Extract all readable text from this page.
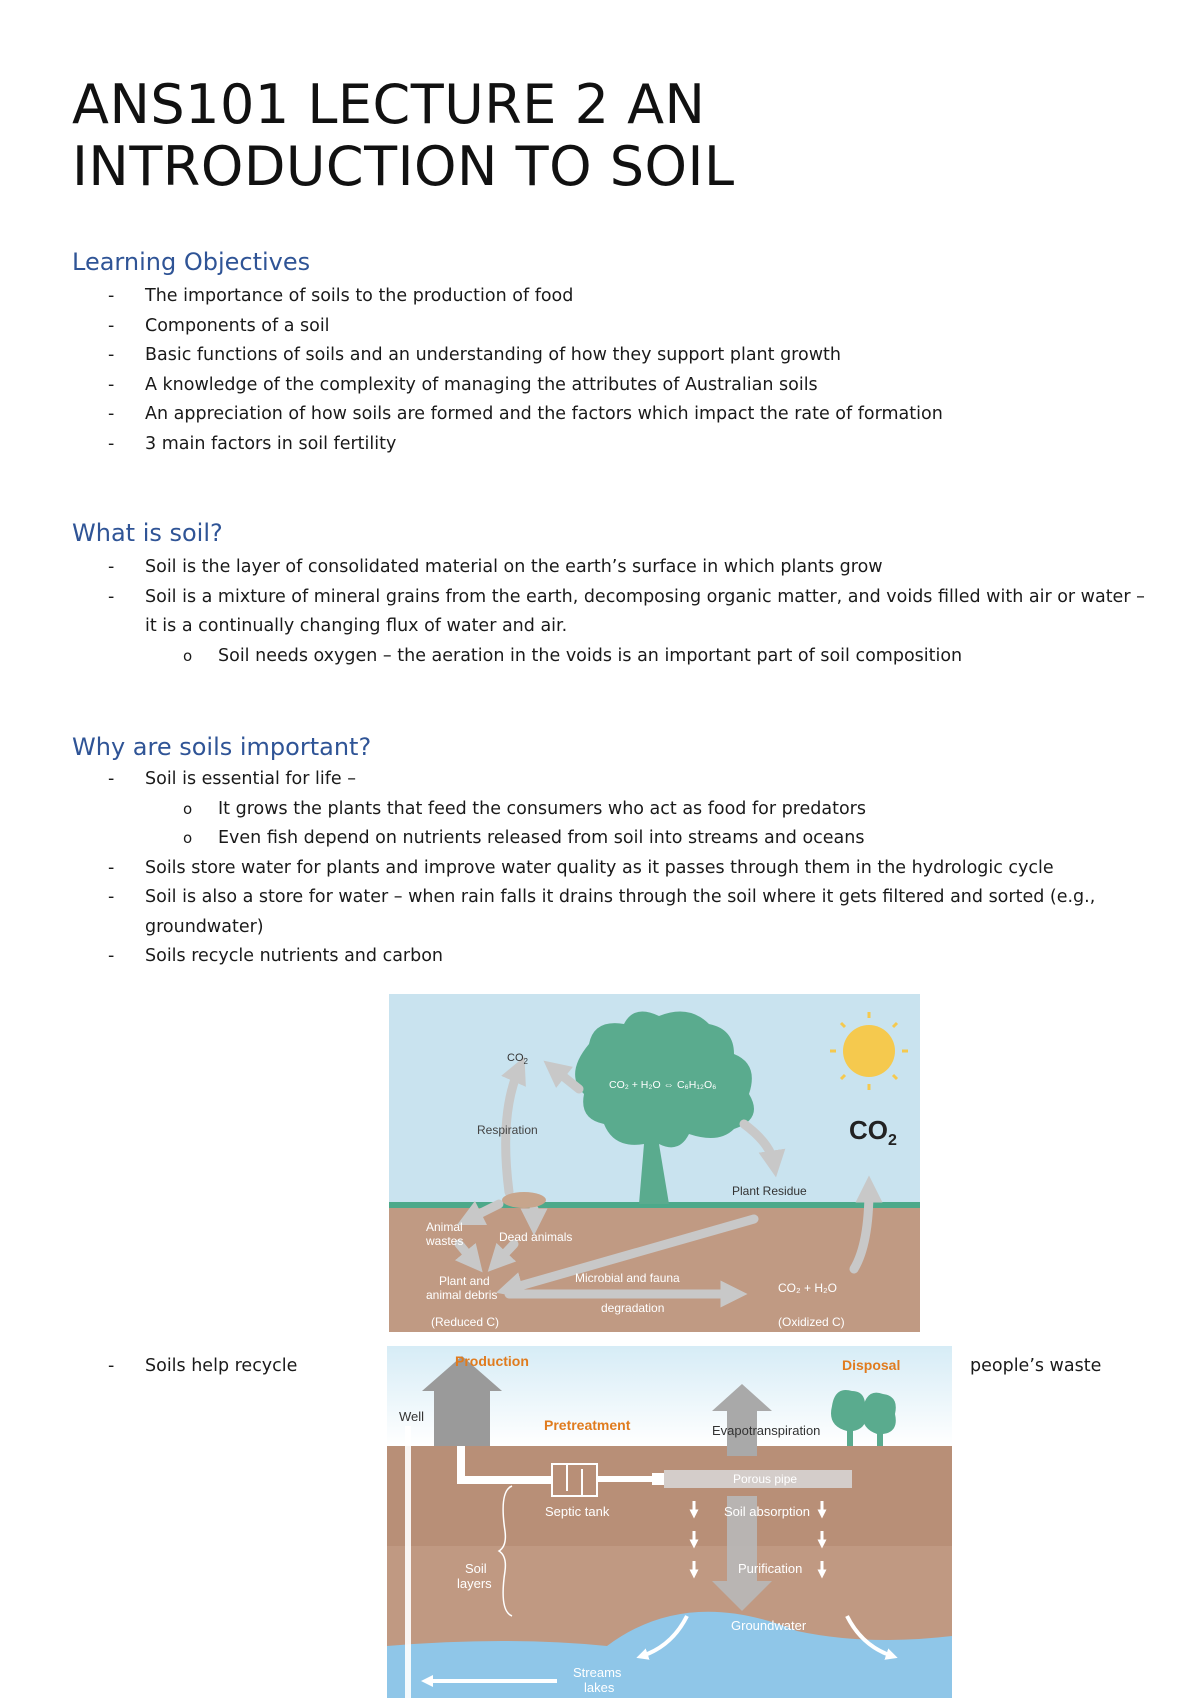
ANS101 LECTURE 2 AN INTRODUCTION TO SOIL
Learning Objectives
- The importance of soils to the production of food
- Components of a soil
- Basic functions of soils and an understanding of how they support plant growth
- A knowledge of the complexity of managing the attributes of Australian soils
- An appreciation of how soils are formed and the factors which impact the rate of formation
- 3 main factors in soil fertility
What is soil?
- Soil is the layer of consolidated material on the earth’s surface in which plants grow
- Soil is a mixture of mineral grains from the earth, decomposing organic matter, and voids filled with air or water – it is a continually changing flux of water and air.
o Soil needs oxygen – the aeration in the voids is an important part of soil composition
Why are soils important?
- Soil is essential for life –
o It grows the plants that feed the consumers who act as food for predators
o Even fish depend on nutrients released from soil into streams and oceans
- Soils store water for plants and improve water quality as it passes through them in the hydrologic cycle
- Soil is also a store for water – when rain falls it drains through the soil where it gets filtered and sorted (e.g., groundwater)
- Soils recycle nutrients and carbon
$CO_2$
CO₂ + H₂O ⇔ C₆H₁₂O₆
Respiration	$CO_2$
Plant Residue
Animal
wastes	Dead animals
Plant and
animal debris
(Reduced C)
Microbial and fauna
degradation
CO₂ + H₂O
(Oxidized C)
- Soils help recycle	people’s waste
Production	Disposal
Well
Pretreatment	Evapotranspiration
Porous pipe
Septic tank	Soil absorption
Soil
layers
Purification
Groundwater
Streams
lakes
